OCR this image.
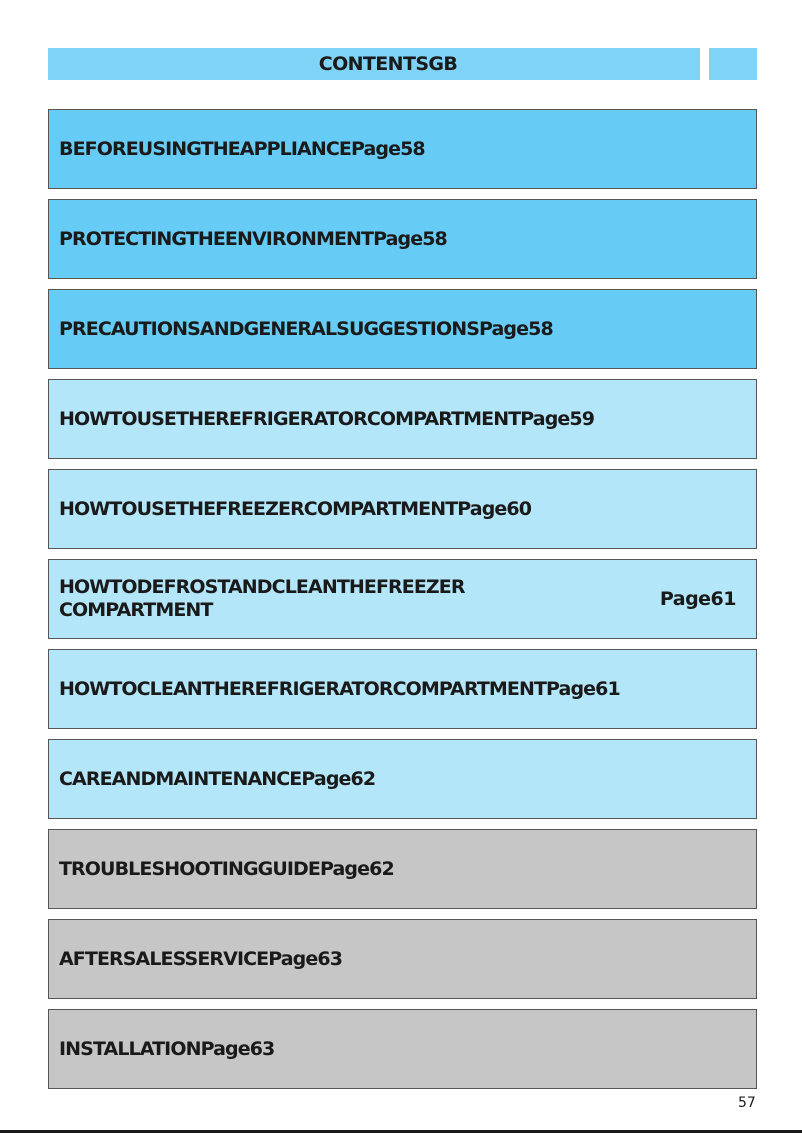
CONTENTSGB
BEFOREUSINGTHEAPPLIANCEPage58
PROTECTINGTHEENVIRONMENTPage58
PRECAUTIONSANDGENERALSUGGESTIONSPage58
HOWTOUSETHEREFRIGERATORCOMPARTMENTPage59
HOWTOUSETHEFREEZERCOMPARTMENTPage60
HOWTODEFROSTANDCLEANTHEFREEZER
COMPARTMENT	Page61
HOWTOCLEANTHEREFRIGERATORCOMPARTMENTPage61
CAREANDMAINTENANCEPage62
TROUBLESHOOTINGGUIDEPage62
AFTERSALESSERVICEPage63
INSTALLATIONPage63
57
